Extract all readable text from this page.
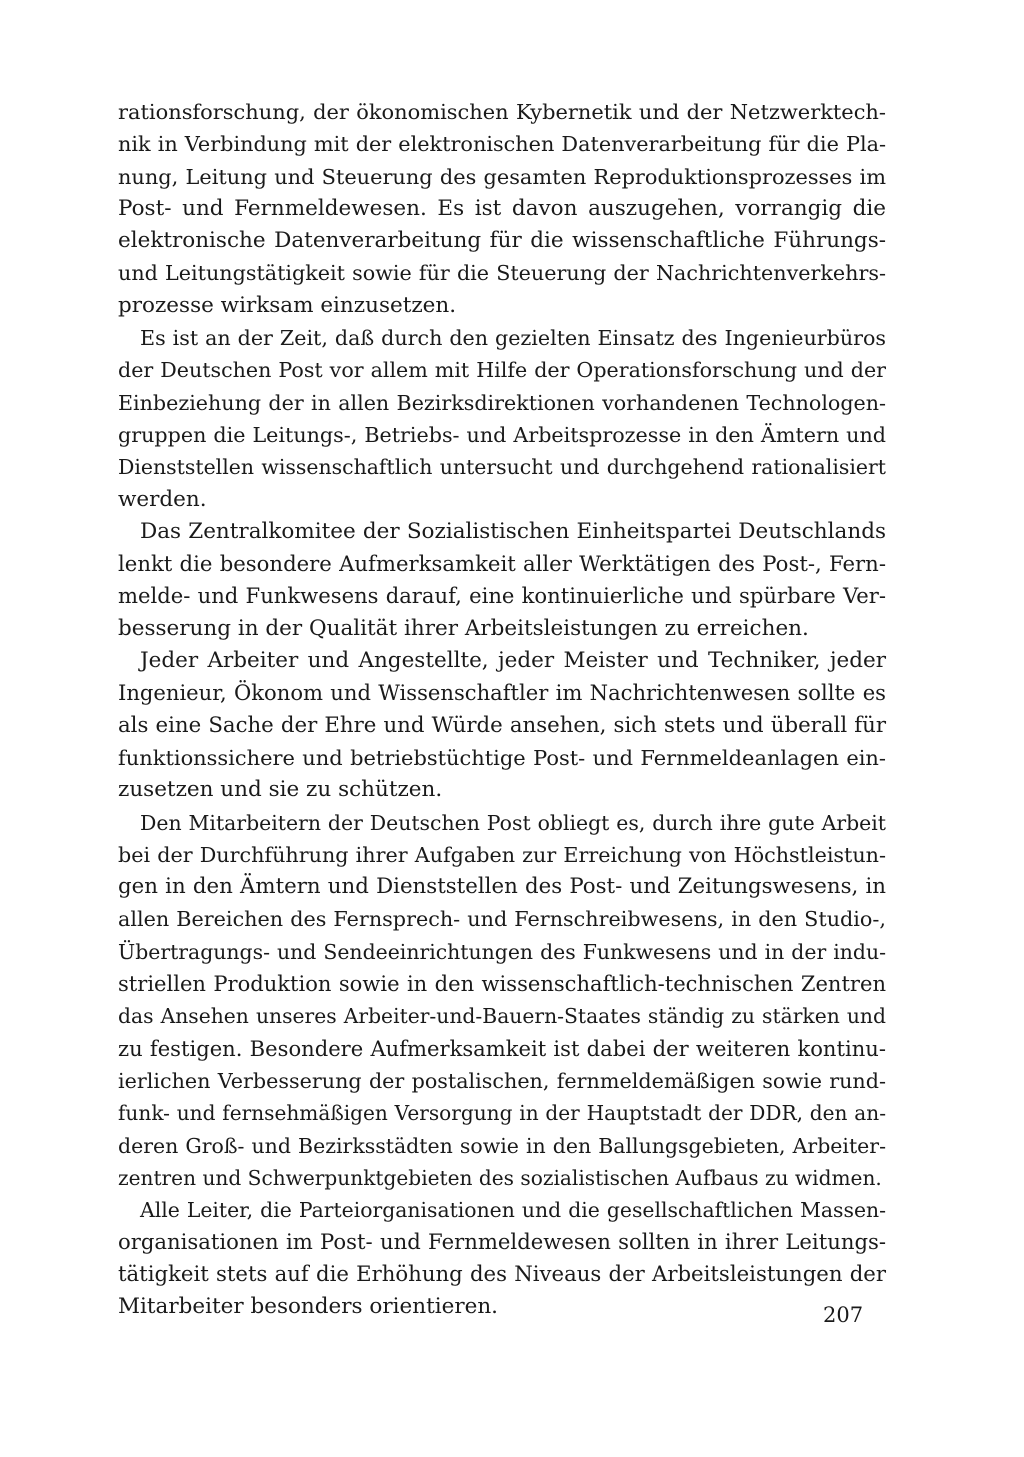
rationsforschung, der ökonomischen Kybernetik und der Netzwerktech-
nik in Verbindung mit der elektronischen Datenverarbeitung für die Pla-
nung, Leitung und Steuerung des gesamten Reproduktionsprozesses im
Post- und Fernmeldewesen. Es ist davon auszugehen, vorrangig die
elektronische Datenverarbeitung für die wissenschaftliche Führungs-
und Leitungstätigkeit sowie für die Steuerung der Nachrichtenverkehrs-
prozesse wirksam einzusetzen.
Es ist an der Zeit, daß durch den gezielten Einsatz des Ingenieurbüros
der Deutschen Post vor allem mit Hilfe der Operationsforschung und der
Einbeziehung der in allen Bezirksdirektionen vorhandenen Technologen-
gruppen die Leitungs-, Betriebs- und Arbeitsprozesse in den Ämtern und
Dienststellen wissenschaftlich untersucht und durchgehend rationalisiert
werden.
Das Zentralkomitee der Sozialistischen Einheitspartei Deutschlands
lenkt die besondere Aufmerksamkeit aller Werktätigen des Post-, Fern-
melde- und Funkwesens darauf, eine kontinuierliche und spürbare Ver-
besserung in der Qualität ihrer Arbeitsleistungen zu erreichen.
Jeder Arbeiter und Angestellte, jeder Meister und Techniker, jeder
Ingenieur, Ökonom und Wissenschaftler im Nachrichtenwesen sollte es
als eine Sache der Ehre und Würde ansehen, sich stets und überall für
funktionssichere und betriebstüchtige Post- und Fernmeldeanlagen ein-
zusetzen und sie zu schützen.
Den Mitarbeitern der Deutschen Post obliegt es, durch ihre gute Arbeit
bei der Durchführung ihrer Aufgaben zur Erreichung von Höchstleistun-
gen in den Ämtern und Dienststellen des Post- und Zeitungswesens, in
allen Bereichen des Fernsprech- und Fernschreibwesens, in den Studio-,
Übertragungs- und Sendeeinrichtungen des Funkwesens und in der indu-
striellen Produktion sowie in den wissenschaftlich-technischen Zentren
das Ansehen unseres Arbeiter-und-Bauern-Staates ständig zu stärken und
zu festigen. Besondere Aufmerksamkeit ist dabei der weiteren kontinu-
ierlichen Verbesserung der postalischen, fernmeldemäßigen sowie rund-
funk- und fernsehmäßigen Versorgung in der Hauptstadt der DDR, den an-
deren Groß- und Bezirksstädten sowie in den Ballungsgebieten, Arbeiter-
zentren und Schwerpunktgebieten des sozialistischen Aufbaus zu widmen.
Alle Leiter, die Parteiorganisationen und die gesellschaftlichen Massen-
organisationen im Post- und Fernmeldewesen sollten in ihrer Leitungs-
tätigkeit stets auf die Erhöhung des Niveaus der Arbeitsleistungen der
Mitarbeiter besonders orientieren.	207
